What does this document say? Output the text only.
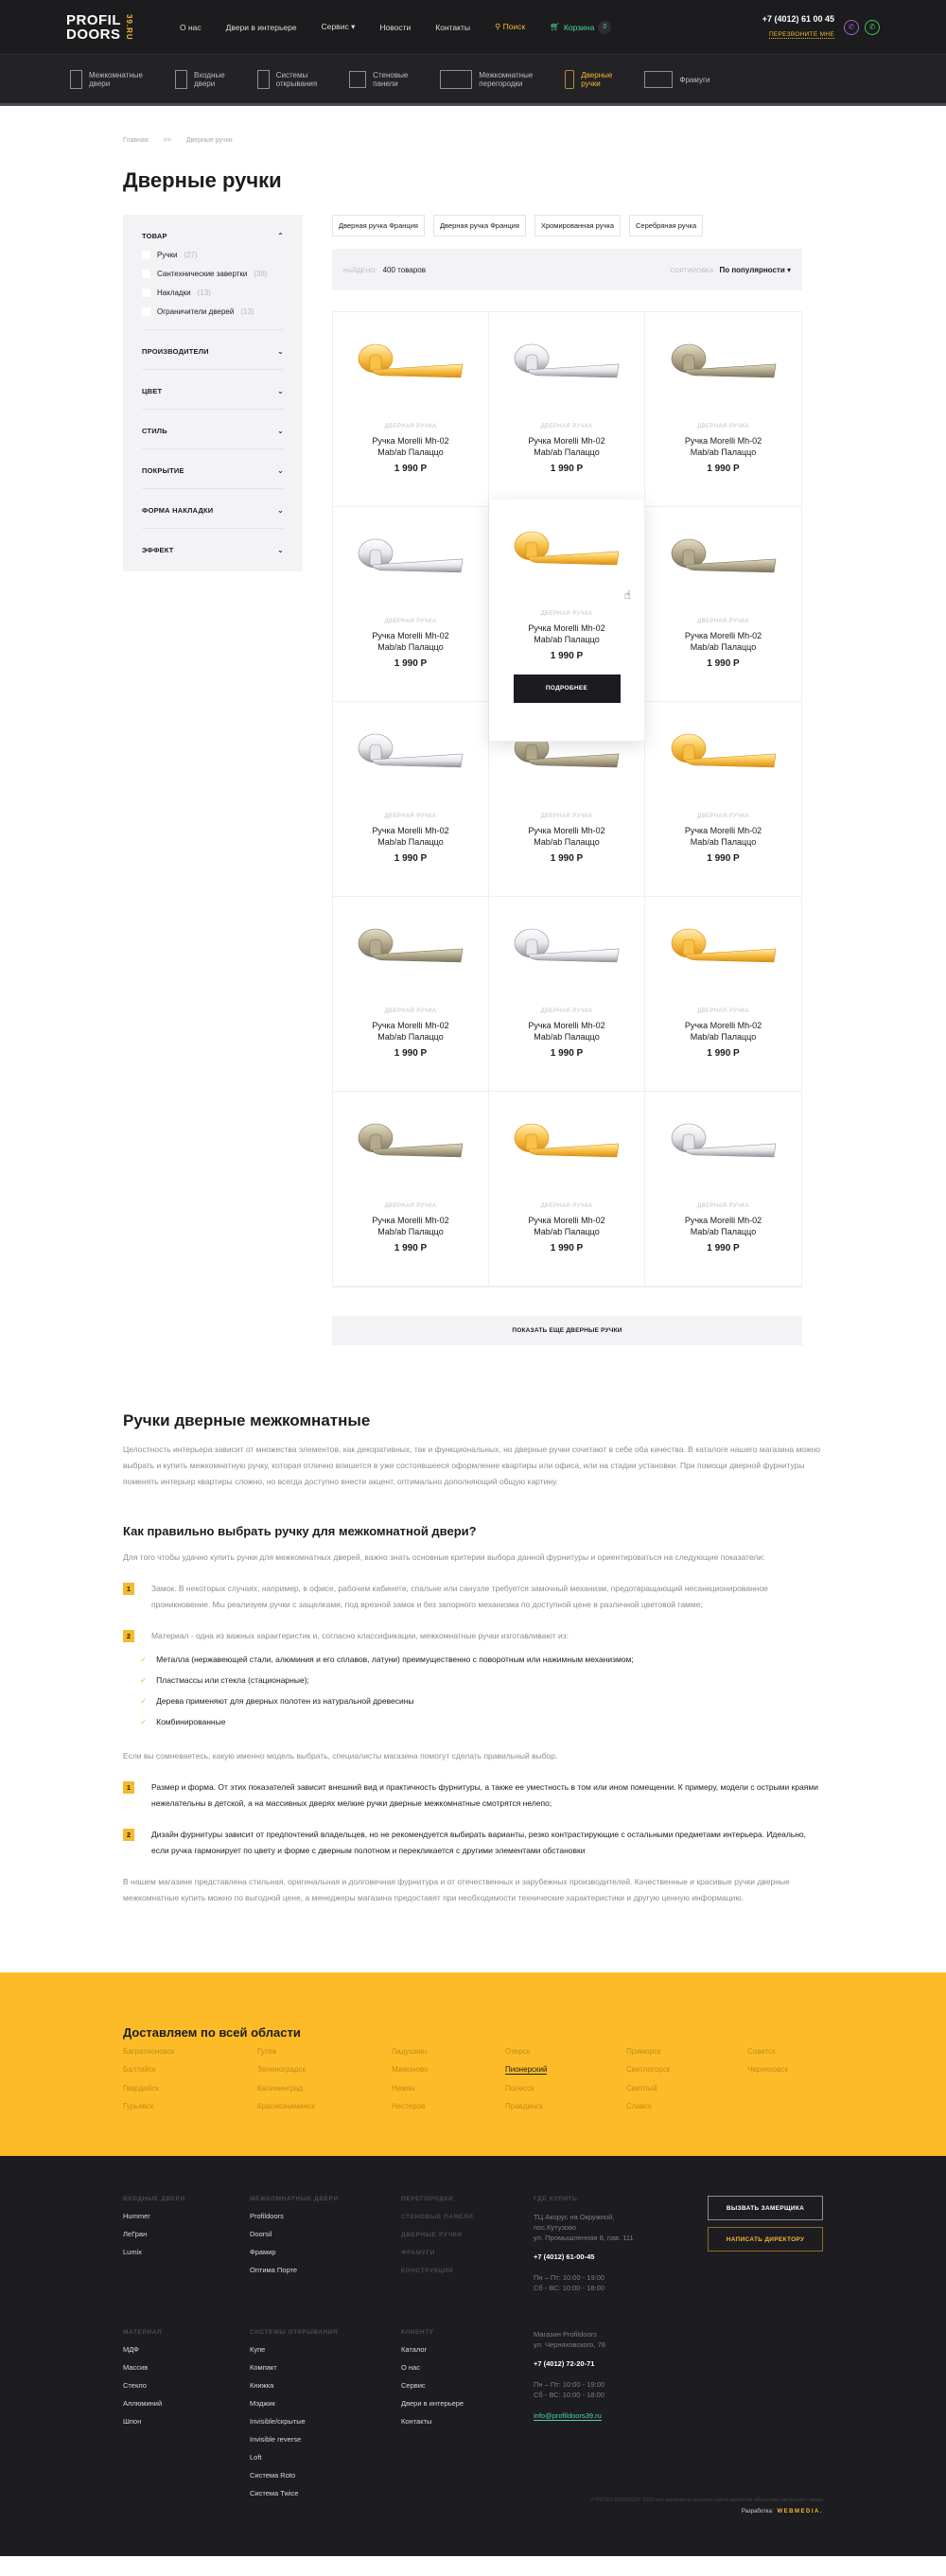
PROFIL
DOORS 39.RU	О нас	Двери в интерьере	Сервис ▾	Новости	Контакты	⚲ Поиск	🛒︎ Корзина	0
+7 (4012) 61 00 45
ПЕРЕЗВОНИТЕ МНЕ
✆	✆
Межкомнатные
двери
Входные
двери
Системы
открывания
Стеновые
панели
Межкомнатные
перегородки
Дверные
ручки	Фрамуги
Главная >> Дверные ручки
Дверные ручки
ТОВАР	⌃
Ручки (27)
Сантехнические завертки (38)
Накладки (13)
Ограничители дверей (13)
ПРОИЗВОДИТЕЛИ	⌄
ЦВЕТ	⌄
СТИЛЬ	⌄
ПОКРЫТИЕ	⌄
ФОРМА НАКЛАДКИ	⌄
ЭФФЕКТ	⌄
Дверная ручка Франция	Дверная ручка Франция	Хромированная ручка	Серебряная ручка
НАЙДЕНО: 400 товаров	СОРТИРОВКА По популярности ▾
ДВЕРНАЯ РУЧКА
Ручка Morelli Mh-02 Mab/ab Палаццо
1 990 Р
ДВЕРНАЯ РУЧКА
Ручка Morelli Mh-02 Mab/ab Палаццо
1 990 Р
ДВЕРНАЯ РУЧКА
Ручка Morelli Mh-02 Mab/ab Палаццо
1 990 Р
ДВЕРНАЯ РУЧКА
Ручка Morelli Mh-02 Mab/ab Палаццо
1 990 Р
☝
ДВЕРНАЯ РУЧКА
Ручка Morelli Mh-02 Mab/ab Палаццо
1 990 Р
ПОДРОБНЕЕ
ДВЕРНАЯ РУЧКА
Ручка Morelli Mh-02 Mab/ab Палаццо
1 990 Р
ДВЕРНАЯ РУЧКА
Ручка Morelli Mh-02 Mab/ab Палаццо
1 990 Р
ДВЕРНАЯ РУЧКА
Ручка Morelli Mh-02 Mab/ab Палаццо
1 990 Р
ДВЕРНАЯ РУЧКА
Ручка Morelli Mh-02 Mab/ab Палаццо
1 990 Р
ДВЕРНАЯ РУЧКА
Ручка Morelli Mh-02 Mab/ab Палаццо
1 990 Р
ДВЕРНАЯ РУЧКА
Ручка Morelli Mh-02 Mab/ab Палаццо
1 990 Р
ДВЕРНАЯ РУЧКА
Ручка Morelli Mh-02 Mab/ab Палаццо
1 990 Р
ДВЕРНАЯ РУЧКА
Ручка Morelli Mh-02 Mab/ab Палаццо
1 990 Р
ДВЕРНАЯ РУЧКА
Ручка Morelli Mh-02 Mab/ab Палаццо
1 990 Р
ДВЕРНАЯ РУЧКА
Ручка Morelli Mh-02 Mab/ab Палаццо
1 990 Р
ПОКАЗАТЬ ЕЩЕ ДВЕРНЫЕ РУЧКИ
Ручки дверные межкомнатные

Целостность интерьера зависит от множества элементов, как декоративных, так и функциональных, но дверные ручки сочетают в себе оба качества. В каталоге нашего магазина можно выбрать и купить межкомнатную ручку, которая отлично впишется в уже состоявшееся оформление квартиры или офиса, или на стадии установки. При помощи дверной фурнитуры поменять интерьер квартиры сложно, но всегда доступно внести акцент, оптимально дополняющий общую картину.

Как правильно выбрать ручку для межкомнатной двери?

Для того чтобы удачно купить ручки для межкомнатных дверей, важно знать основные критерии выбора данной фурнитуры и ориентироваться на следующие показатели:

1	Замок. В некоторых случаях, например, в офисе, рабочем кабинете, спальне или санузле требуется замочный механизм, предотвращающий несанкционированное проникновение. Мы реализуем ручки с защелками, под врезной замок и без запорного механизма по доступной цене в различной цветовой гамме;
2	Материал - одна из важных характеристик и, согласно классификации, межкомнатные ручки изготавливают из:
✓ Металла (нержавеющей стали, алюминия и его сплавов, латуни) преимущественно с поворотным или нажимным механизмом;
✓ Пластмассы или стекла (стационарные);
✓ Дерева применяют для дверных полотен из натуральной древесины
✓ Комбинированные

Если вы сомневаетесь, какую именно модель выбрать, специалисты магазина помогут сделать правильный выбор.

1	Размер и форма. От этих показателей зависит внешний вид и практичность фурнитуры, а также ее уместность в том или ином помещении. К примеру, модели с острыми краями нежелательны в детской, а на массивных дверях мелкие ручки дверные межкомнатные смотрятся нелепо;
2	Дизайн фурнитуры зависит от предпочтений владельцев, но не рекомендуется выбирать варианты, резко контрастирующие с остальными предметами интерьера. Идеально, если ручка гармонирует по цвету и форме с дверным полотном и перекликается с другими элементами обстановки

В нашем магазине представлена стильная, оригинальная и долговечная фурнитура и от отечественных и зарубежных производителей. Качественные и красивые ручки дверные межкомнатные купить можно по выгодной цене, а менеджеры магазина предоставят при необходимости технические характеристики и другую ценную информацию.

Доставляем по всей области
Багратионовск
Балтийск
Гвардейск
Гурьевск
Гусев
Зеленоградск
Калининград
Краснознаменск
Ладушкин
Мамоново
Неман
Нестеров
Озерск
Пионерский
Полесск
Правдинск
Приморск
Светлогорск
Светлый
Славск
Советск
Черняховск
ВХОДНЫЕ ДВЕРИ
Hummer
ЛеГран
Lumix
МЕЖКОМНАТНЫЕ ДВЕРИ
Profildoors
Doorsil
Фрамир
Оптима Порте
ПЕРЕГОРОДКИ
СТЕНОВЫЕ ПАНЕЛИ
ДВЕРНЫЕ РУЧКИ
ФРАМУГИ
КОНСТРУКЦИИ
ГДЕ КУПИТЬ
ТЦ Акорус на Окружной,
пос.Кутузово
ул. Промышленная 8, пав. 111
+7 (4012) 61-00-45
Пн – Пт: 10:00 - 19:00
Сб - ВС: 10:00 - 18:00
ВЫЗВАТЬ ЗАМЕРЩИКА
НАПИСАТЬ ДИРЕКТОРУ
МАТЕРИАЛ
МДФ
Массив
Стекло
Аллюминий
Шпон
СИСТЕМЫ ОТКРЫВАНИЯ
Купе
Компакт
Книжка
Мэджик
Invisible/скрытые
Invisible reverse
Loft
Система Roto
Система Twice
КЛИЕНТУ
Каталог
О нас
Сервис
Двери в интерьере
Контакты
Магазин Profildoors
ул. Черняховского, 78
+7 (4012) 72-20-71
Пн – Пт: 10:00 - 19:00
Сб - ВС: 10:00 - 18:00
info@profildoors39.ru
©"PROFILDOORS39" 2020 все материалы данного сайта являются объектами авторского права
Разработка: WEBMEDIA.
